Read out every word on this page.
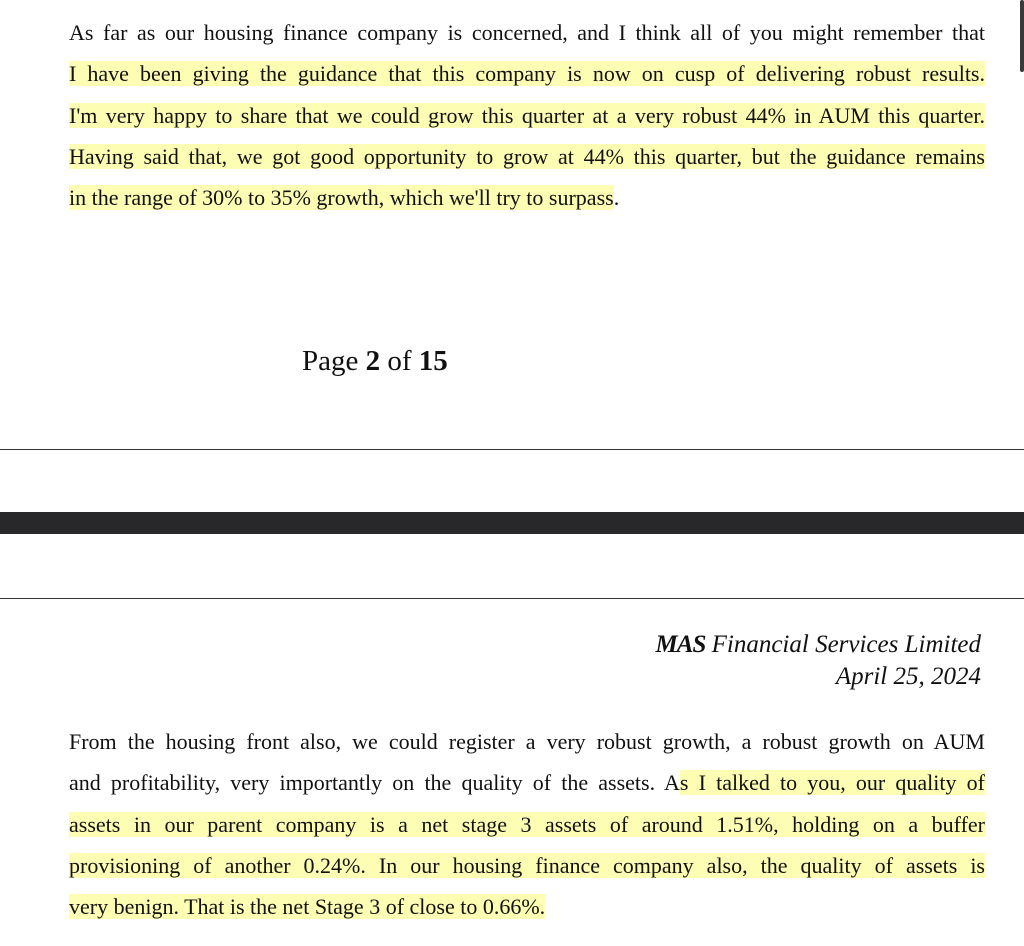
As far as our housing finance company is concerned, and I think all of you might remember that
I have been giving the guidance that this company is now on cusp of delivering robust results.
I'm very happy to share that we could grow this quarter at a very robust 44% in AUM this quarter.
Having said that, we got good opportunity to grow at 44% this quarter, but the guidance remains
in the range of 30% to 35% growth, which we'll try to surpass.

Page 2 of 15

MAS Financial Services Limited
April 25, 2024

From the housing front also, we could register a very robust growth, a robust growth on AUM
and profitability, very importantly on the quality of the assets. As I talked to you, our quality of
assets in our parent company is a net stage 3 assets of around 1.51%, holding on a buffer
provisioning of another 0.24%. In our housing finance company also, the quality of assets is
very benign. That is the net Stage 3 of close to 0.66%.
